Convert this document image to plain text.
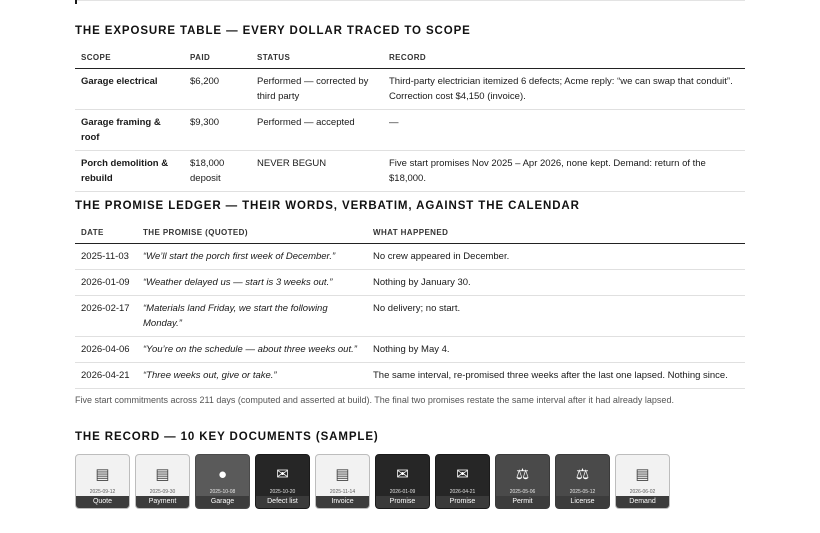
THE EXPOSURE TABLE — EVERY DOLLAR TRACED TO SCOPE
SCOPE	PAID	STATUS	RECORD
Garage electrical	$6,200	Performed — corrected by third party	Third-party electrician itemized 6 defects; Acme reply: “we can swap that conduit”. Correction cost $4,150 (invoice).
Garage framing & roof	$9,300	Performed — accepted	—
Porch demolition & rebuild	$18,000 deposit	NEVER BEGUN	Five start promises Nov 2025 – Apr 2026, none kept. Demand: return of the $18,000.
THE PROMISE LEDGER — THEIR WORDS, VERBATIM, AGAINST THE CALENDAR
DATE	THE PROMISE (QUOTED)	WHAT HAPPENED
2025-11-03	“We’ll start the porch first week of December.”	No crew appeared in December.
2026-01-09	“Weather delayed us — start is 3 weeks out.”	Nothing by January 30.
2026-02-17	“Materials land Friday, we start the following Monday.”	No delivery; no start.
2026-04-06	“You’re on the schedule — about three weeks out.”	Nothing by May 4.
2026-04-21	“Three weeks out, give or take.”	The same interval, re-promised three weeks after the last one lapsed. Nothing since.
Five start commitments across 211 days (computed and asserted at build). The final two promises restate the same interval after it had already lapsed.
THE RECORD — 10 KEY DOCUMENTS (SAMPLE)
▤
2025-09-12
Quote
▤
2025-09-30
Payment
●
2025-10-08
Garage
✉
2025-10-20
Defect list
▤
2025-11-14
Invoice
✉
2026-01-09
Promise
✉
2026-04-21
Promise
⚖
2025-05-06
Permit
⚖
2025-05-12
License
▤
2026-06-02
Demand
